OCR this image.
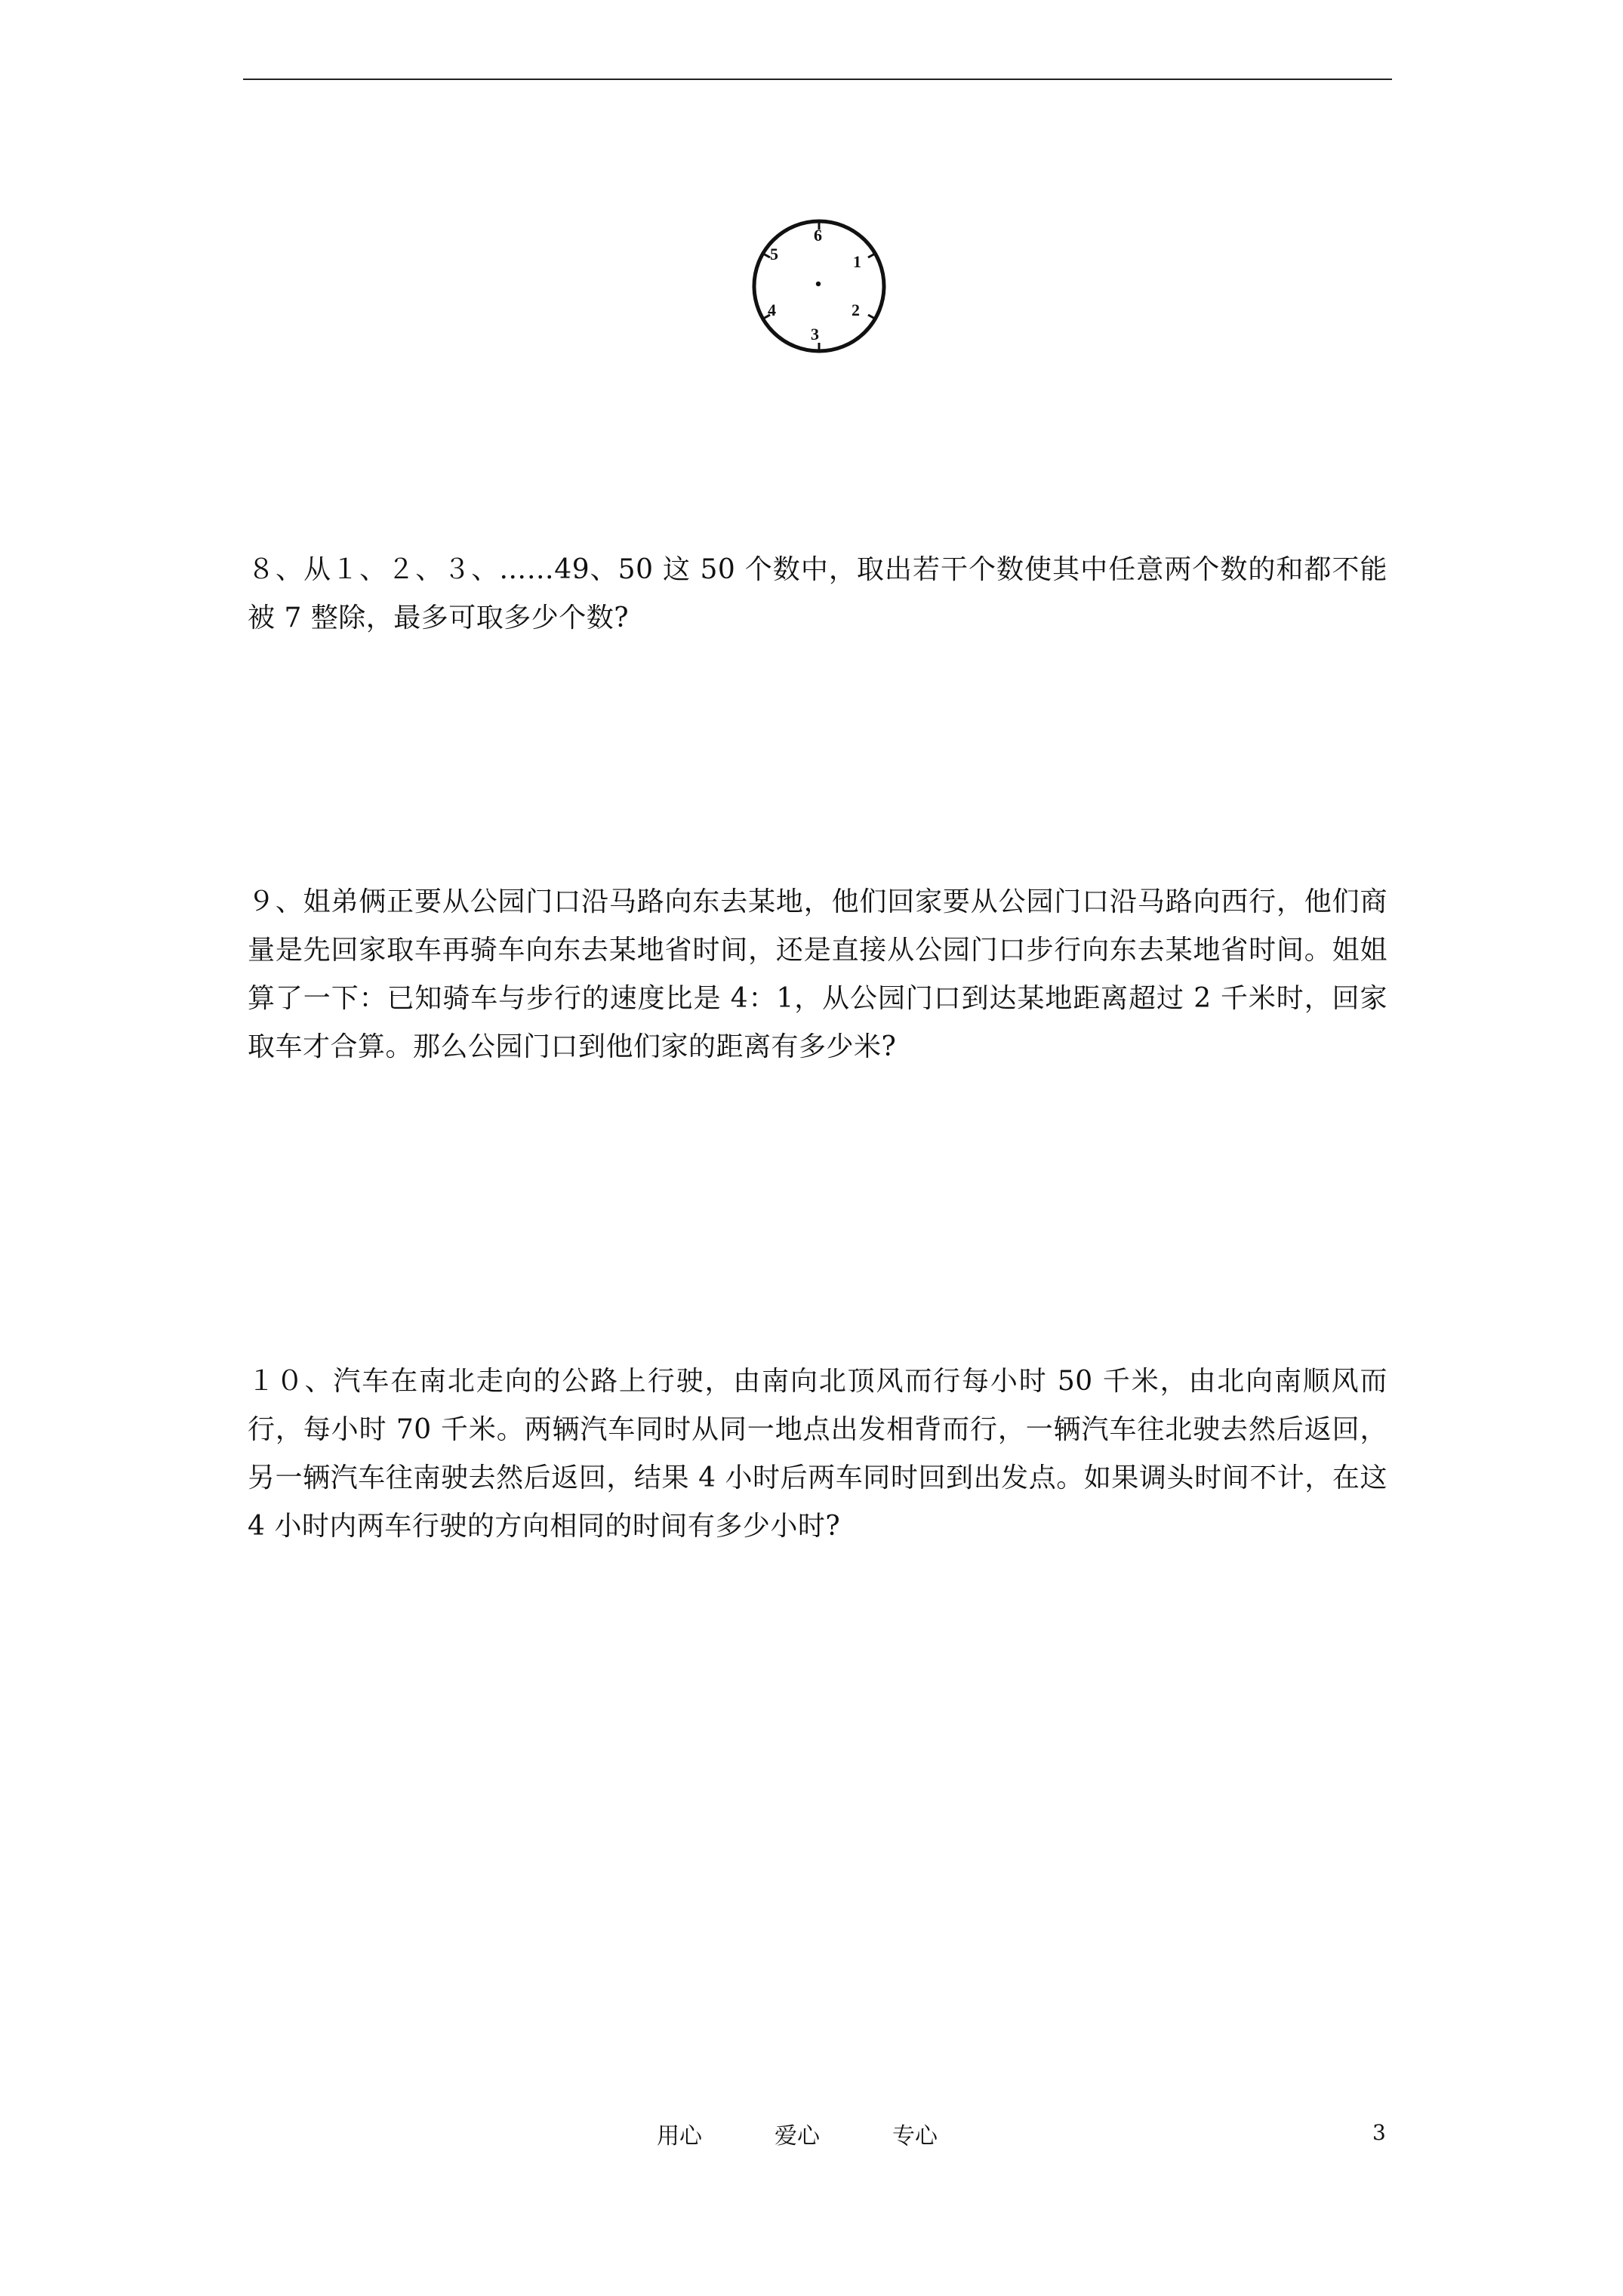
6
1
2
3
4
5

８、从１、２、３、……49、50 这 50 个数中，取出若干个数使其中任意两个数的和都不能被 7 整除，最多可取多少个数?

９、姐弟俩正要从公园门口沿马路向东去某地，他们回家要从公园门口沿马路向西行，他们商量是先回家取车再骑车向东去某地省时间，还是直接从公园门口步行向东去某地省时间。姐姐算了一下：已知骑车与步行的速度比是 4：1，从公园门口到达某地距离超过 2 千米时，回家取车才合算。那么公园门口到他们家的距离有多少米?

１０、汽车在南北走向的公路上行驶，由南向北顶风而行每小时 50 千米，由北向南顺风而行，每小时 70 千米。两辆汽车同时从同一地点出发相背而行，一辆汽车往北驶去然后返回，另一辆汽车往南驶去然后返回，结果 4 小时后两车同时回到出发点。如果调头时间不计，在这 4 小时内两车行驶的方向相同的时间有多少小时?

用心	爱心	专心	3
